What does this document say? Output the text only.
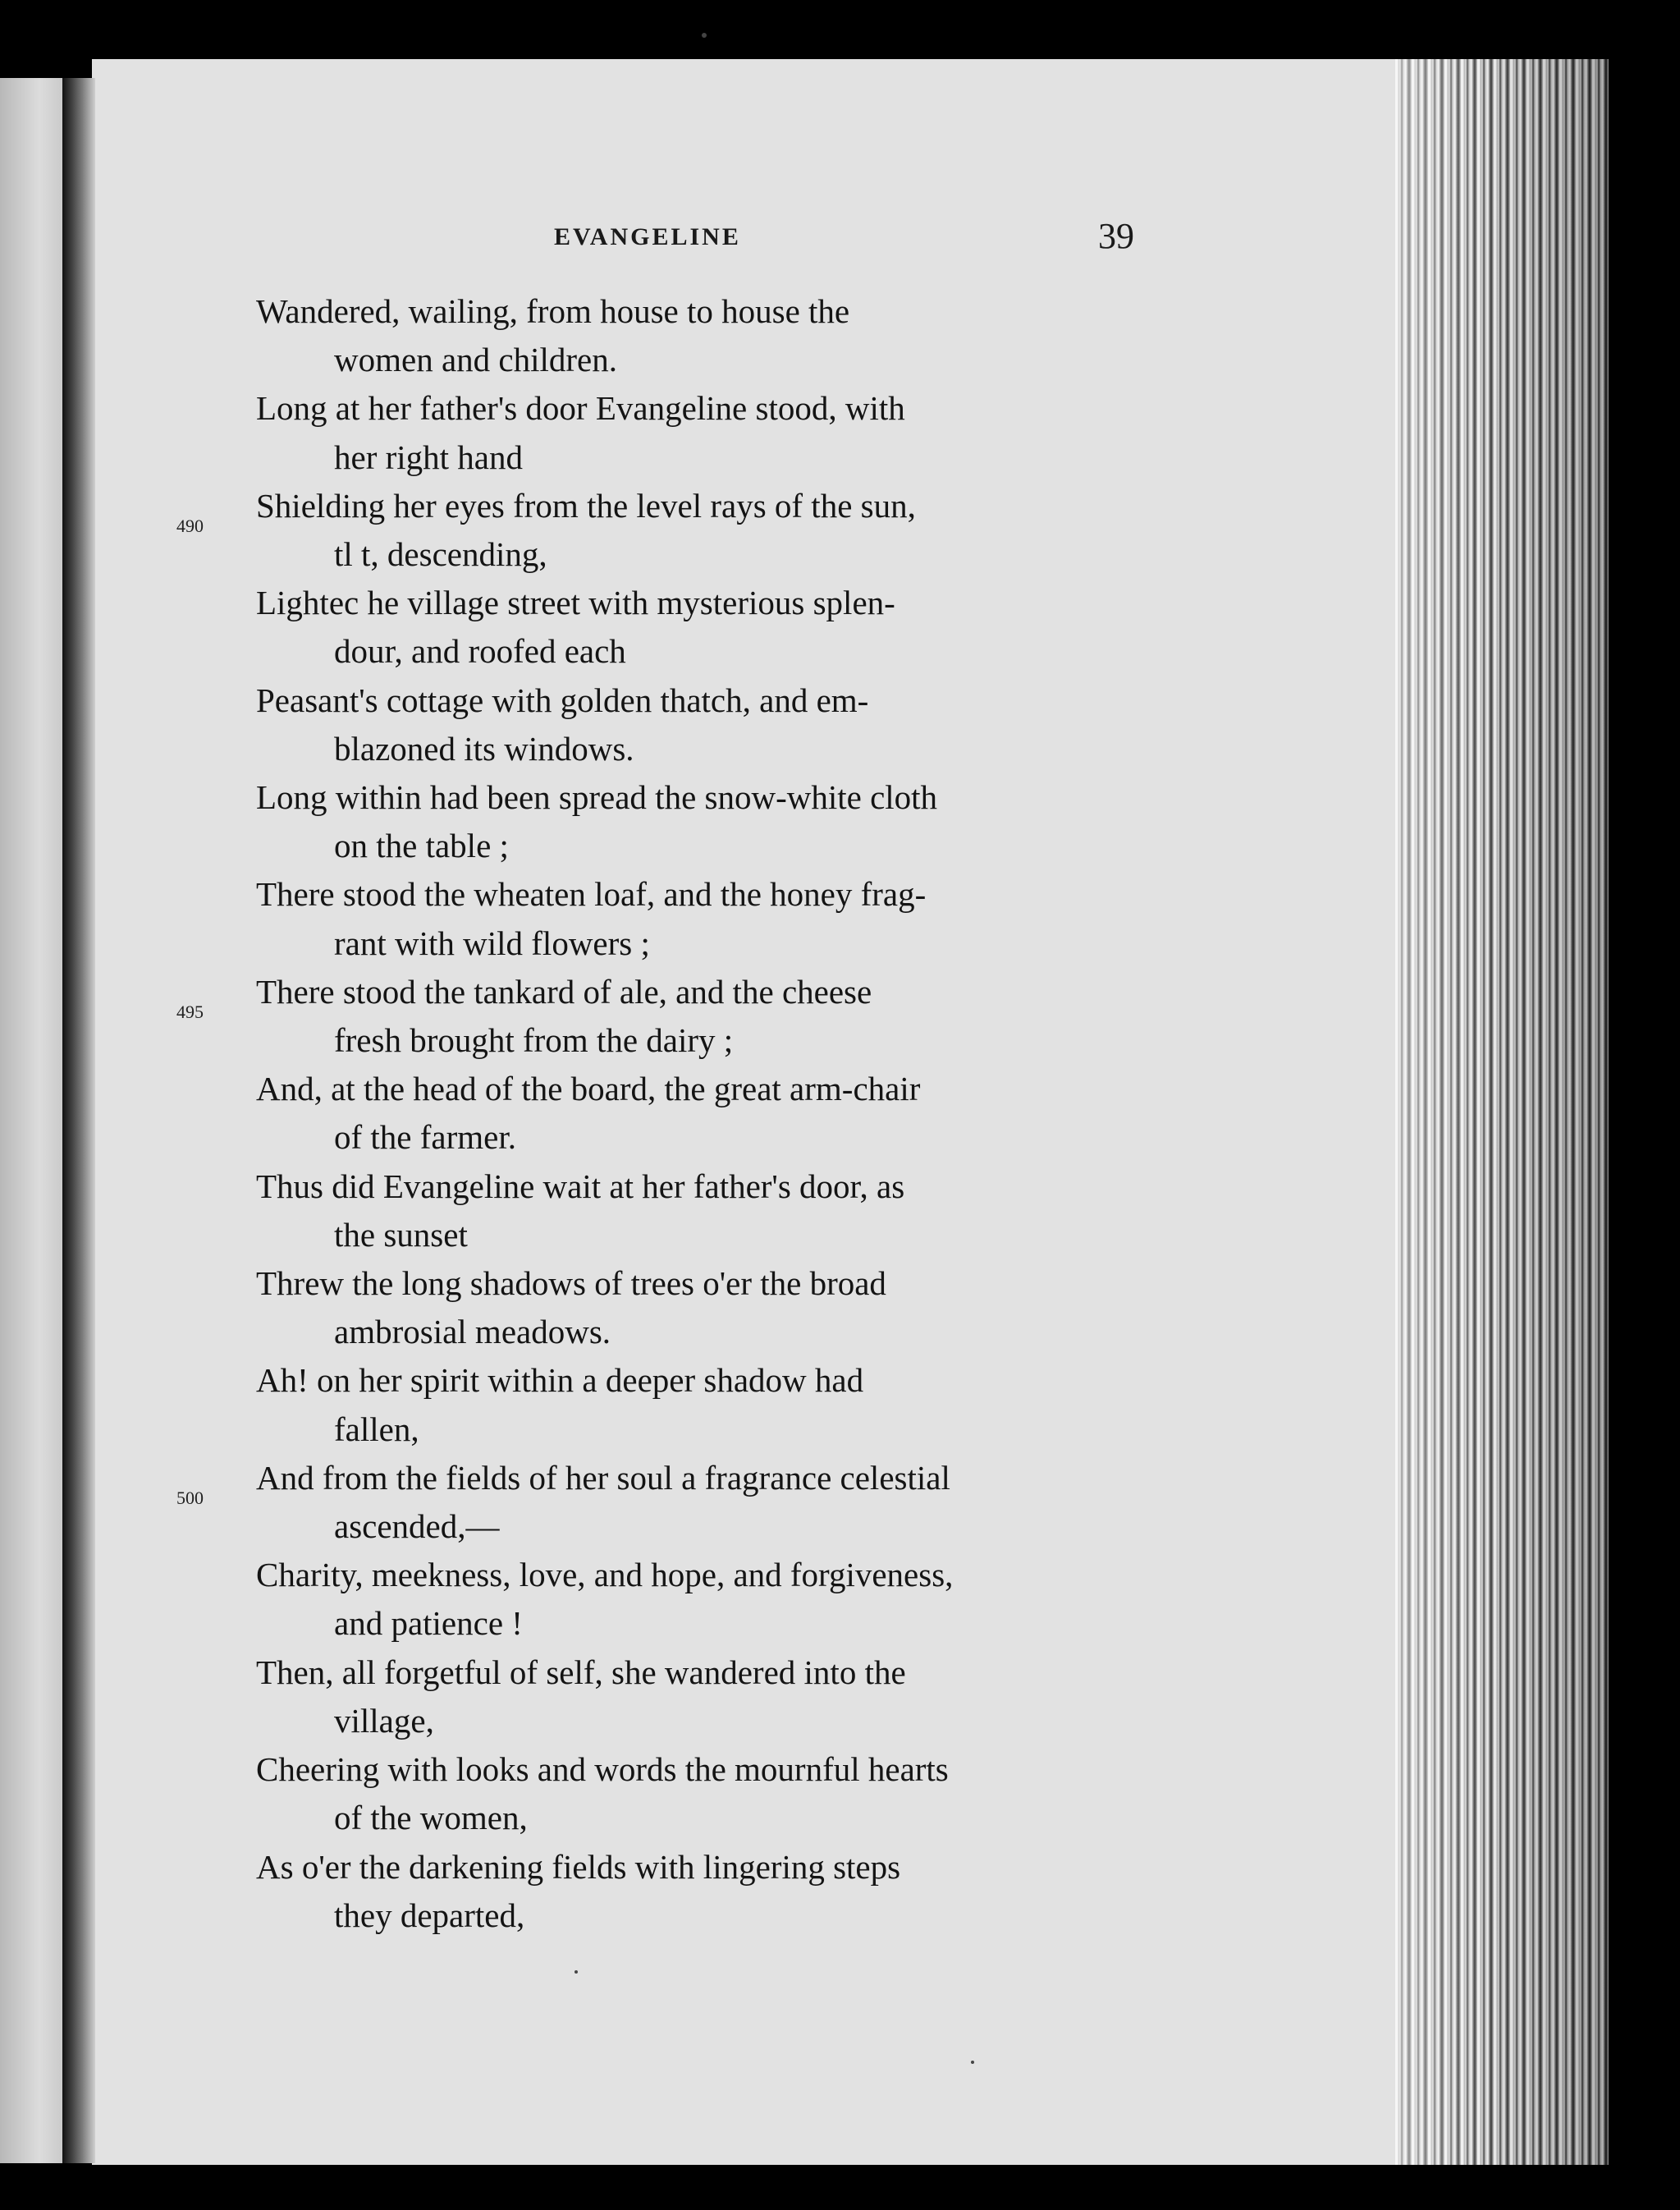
EVANGELINE	39
490
495
500
Wandered, wailing, from house to house the
women and children.
Long at her father's door Evangeline stood, with
her right hand
Shielding her eyes from the level rays of the sun,
tl t, descending,
Lightec he village street with mysterious splen-
dour, and roofed each
Peasant's cottage with golden thatch, and em-
blazoned its windows.
Long within had been spread the snow-white cloth
on the table ;
There stood the wheaten loaf, and the honey frag-
rant with wild flowers ;
There stood the tankard of ale, and the cheese
fresh brought from the dairy ;
And, at the head of the board, the great arm-chair
of the farmer.
Thus did Evangeline wait at her father's door, as
the sunset
Threw the long shadows of trees o'er the broad
ambrosial meadows.
Ah! on her spirit within a deeper shadow had
fallen,
And from the fields of her soul a fragrance celestial
ascended,—
Charity, meekness, love, and hope, and forgiveness,
and patience !
Then, all forgetful of self, she wandered into the
village,
Cheering with looks and words the mournful hearts
of the women,
As o'er the darkening fields with lingering steps
they departed,
